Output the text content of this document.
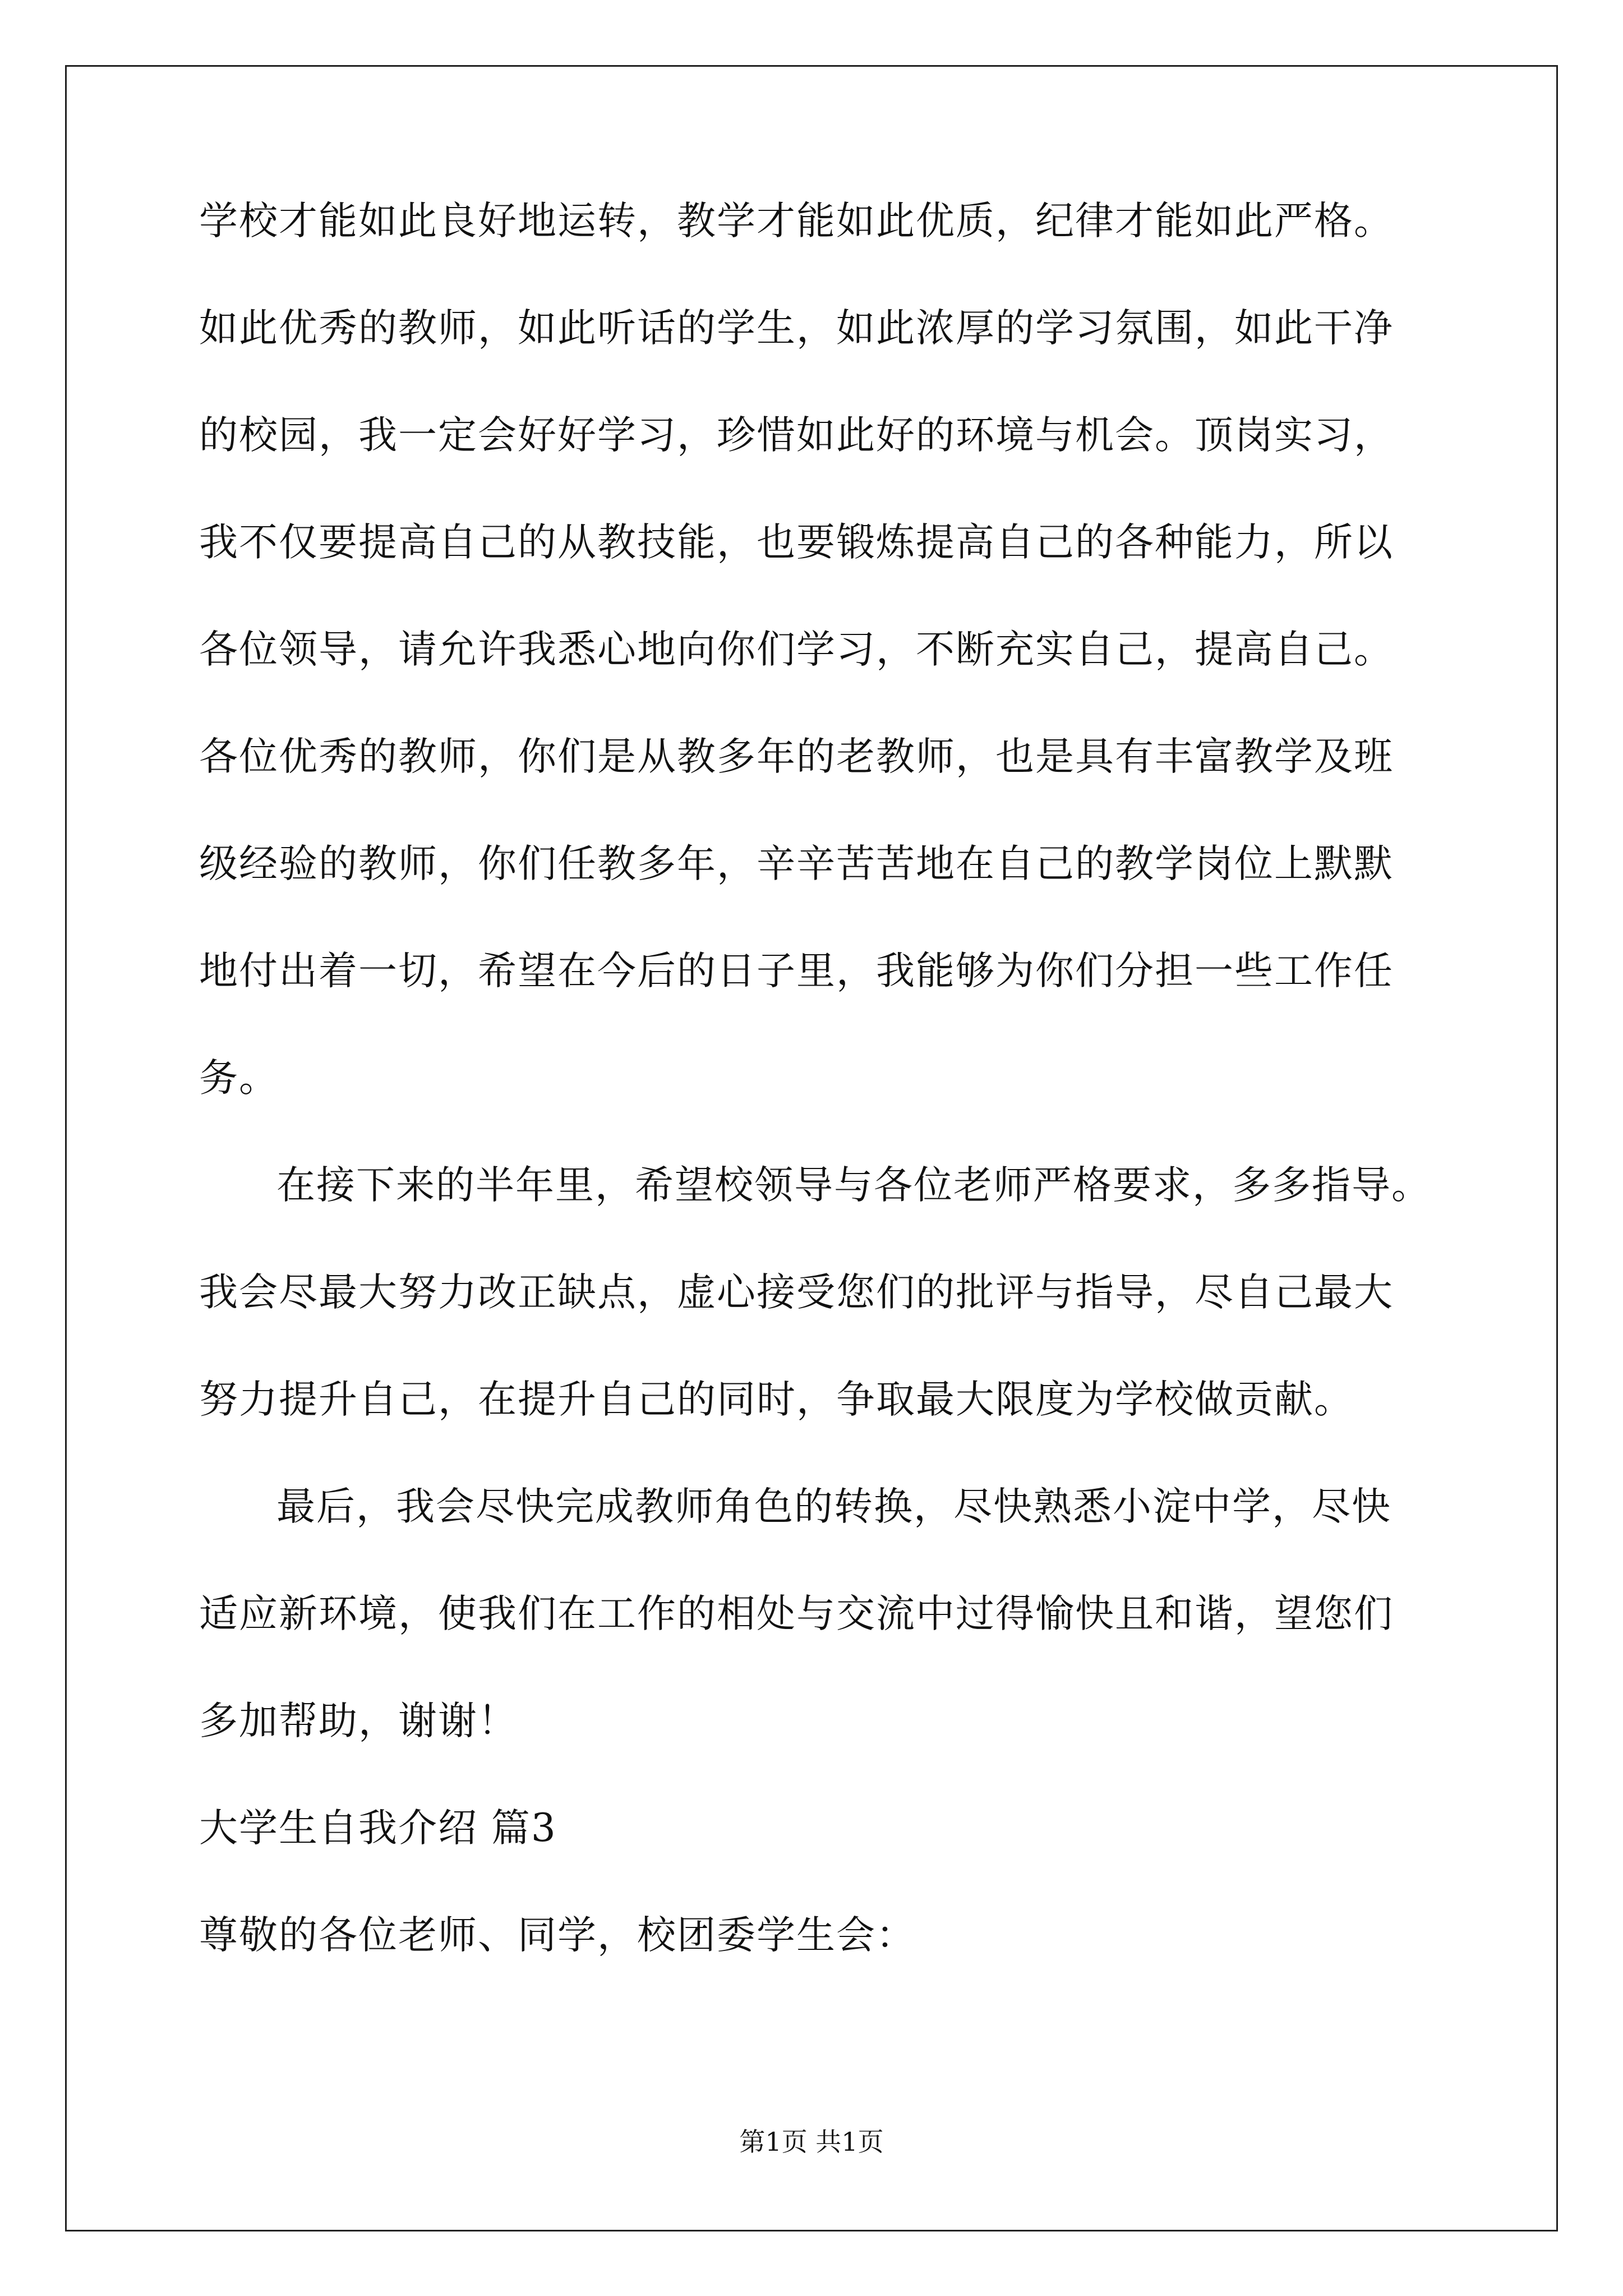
学校才能如此良好地运转，教学才能如此优质，纪律才能如此严格。
如此优秀的教师，如此听话的学生，如此浓厚的学习氛围，如此干净
的校园，我一定会好好学习，珍惜如此好的环境与机会。顶岗实习，
我不仅要提高自己的从教技能，也要锻炼提高自己的各种能力，所以
各位领导，请允许我悉心地向你们学习，不断充实自己，提高自己。
各位优秀的教师，你们是从教多年的老教师，也是具有丰富教学及班
级经验的教师，你们任教多年，辛辛苦苦地在自己的教学岗位上默默
地付出着一切，希望在今后的日子里，我能够为你们分担一些工作任
务。
在接下来的半年里，希望校领导与各位老师严格要求，多多指导。
我会尽最大努力改正缺点，虚心接受您们的批评与指导，尽自己最大
努力提升自己，在提升自己的同时，争取最大限度为学校做贡献。
最后，我会尽快完成教师角色的转换，尽快熟悉小淀中学，尽快
适应新环境，使我们在工作的相处与交流中过得愉快且和谐，望您们
多加帮助，谢谢！
大学生自我介绍 篇3
尊敬的各位老师、同学，校团委学生会：
第1页 共1页
